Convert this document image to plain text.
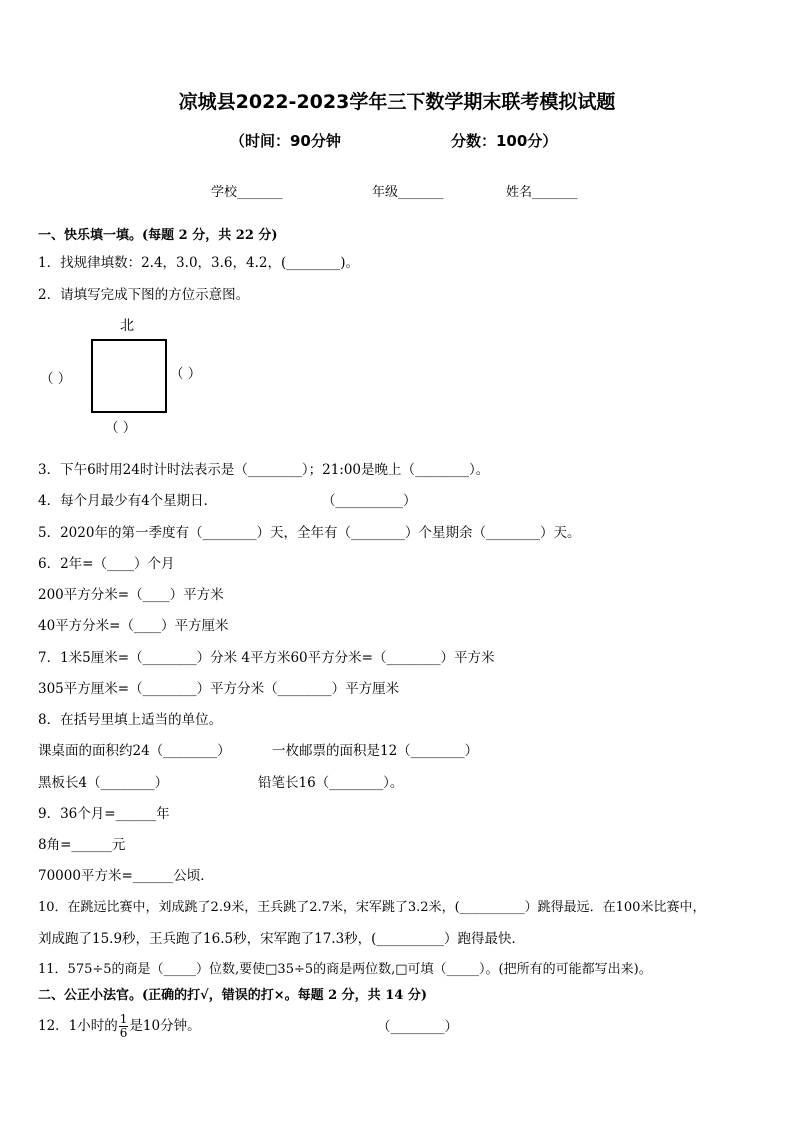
凉城县2022-2023学年三下数学期末联考模拟试题
（时间：90分钟	分数：100分）
学校_______	年级_______	姓名_______
一、快乐填一填。(每题 2 分，共 22 分)
1．找规律填数：2.4，3.0，3.6，4.2，(________)。
2．请填写完成下图的方位示意图。
北
（ ）	（ ）
（ ）
3．下午6时用24时计时法表示是（________）；21:00是晚上（________）。
4．每个月最少有4个星期日．	（__________）
5．2020年的第一季度有（________）天，全年有（________）个星期余（________）天。
6．2年=（____）个月
200平方分米=（____）平方米
40平方分米=（____）平方厘米
7．1米5厘米=（________）分米 4平方米60平方分米=（________）平方米
305平方厘米=（________）平方分米（________）平方厘米
8．在括号里填上适当的单位。
课桌面的面积约24（________）	一枚邮票的面积是12（________）
黑板长4（________）	铅笔长16（________）。
9．36个月=______年
8角=______元
70000平方米=______公顷．
10．在跳远比赛中，刘成跳了2.9米，王兵跳了2.7米，宋军跳了3.2米，(__________）跳得最远．在100米比赛中，
刘成跑了15.9秒，王兵跑了16.5秒，宋军跑了17.3秒，(__________）跑得最快．
11．575÷5的商是（_____）位数,要使□35÷5的商是两位数,□可填（_____）。(把所有的可能都写出来)。
二、公正小法官。(正确的打√，错误的打×。每题 2 分，共 14 分)
12．1小时的 $\frac{1}{6}$ 是10分钟。	（________）
